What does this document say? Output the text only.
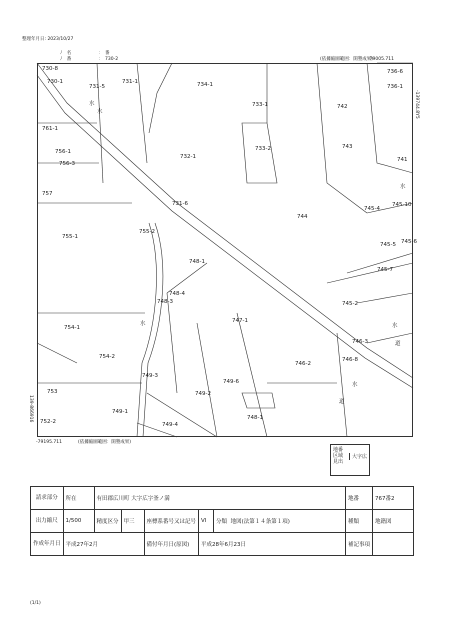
整理年月日: 2023/10/27
ﾉ　名　　　　　　：　番
ﾉ　番　　　　　　：　730-2	(依據縮圖範囲：開墾成果)
-79005.711
-79195.711	(依據縮圖範囲：開墾成果)
-139744.8Y5
139-866916
730-8
730-1
731-5
731-1	734-1
733-1	742
736-1
736-6
761-1
756-1
756-3
732-1
733-2	743
741
757
731-6
744
745-4
745-10
755-1
755-2
748-1
745-5 745-6
745-7
748-4
748-3	745-2
754-1
747-1
746-3
754-2
746-2
746-8
749-3
749-6
753	749-2
752-2
749-1
748-1
749-4
水
水
水	水
水
水
道
道
地番
区域
見出
大字広
請求部分	所在	有田郡広川町 大字広字釜ノ満					地番	767番2
出力縮尺	1/500	精度区分	甲三	座標系番号又は記号	VI	分類 地図(法第１４条第１項)	種類	地籍図
作成年月日	平成27年2月			備付年月日(原図)	平成28年6月23日		補記事項	
(1/1)
